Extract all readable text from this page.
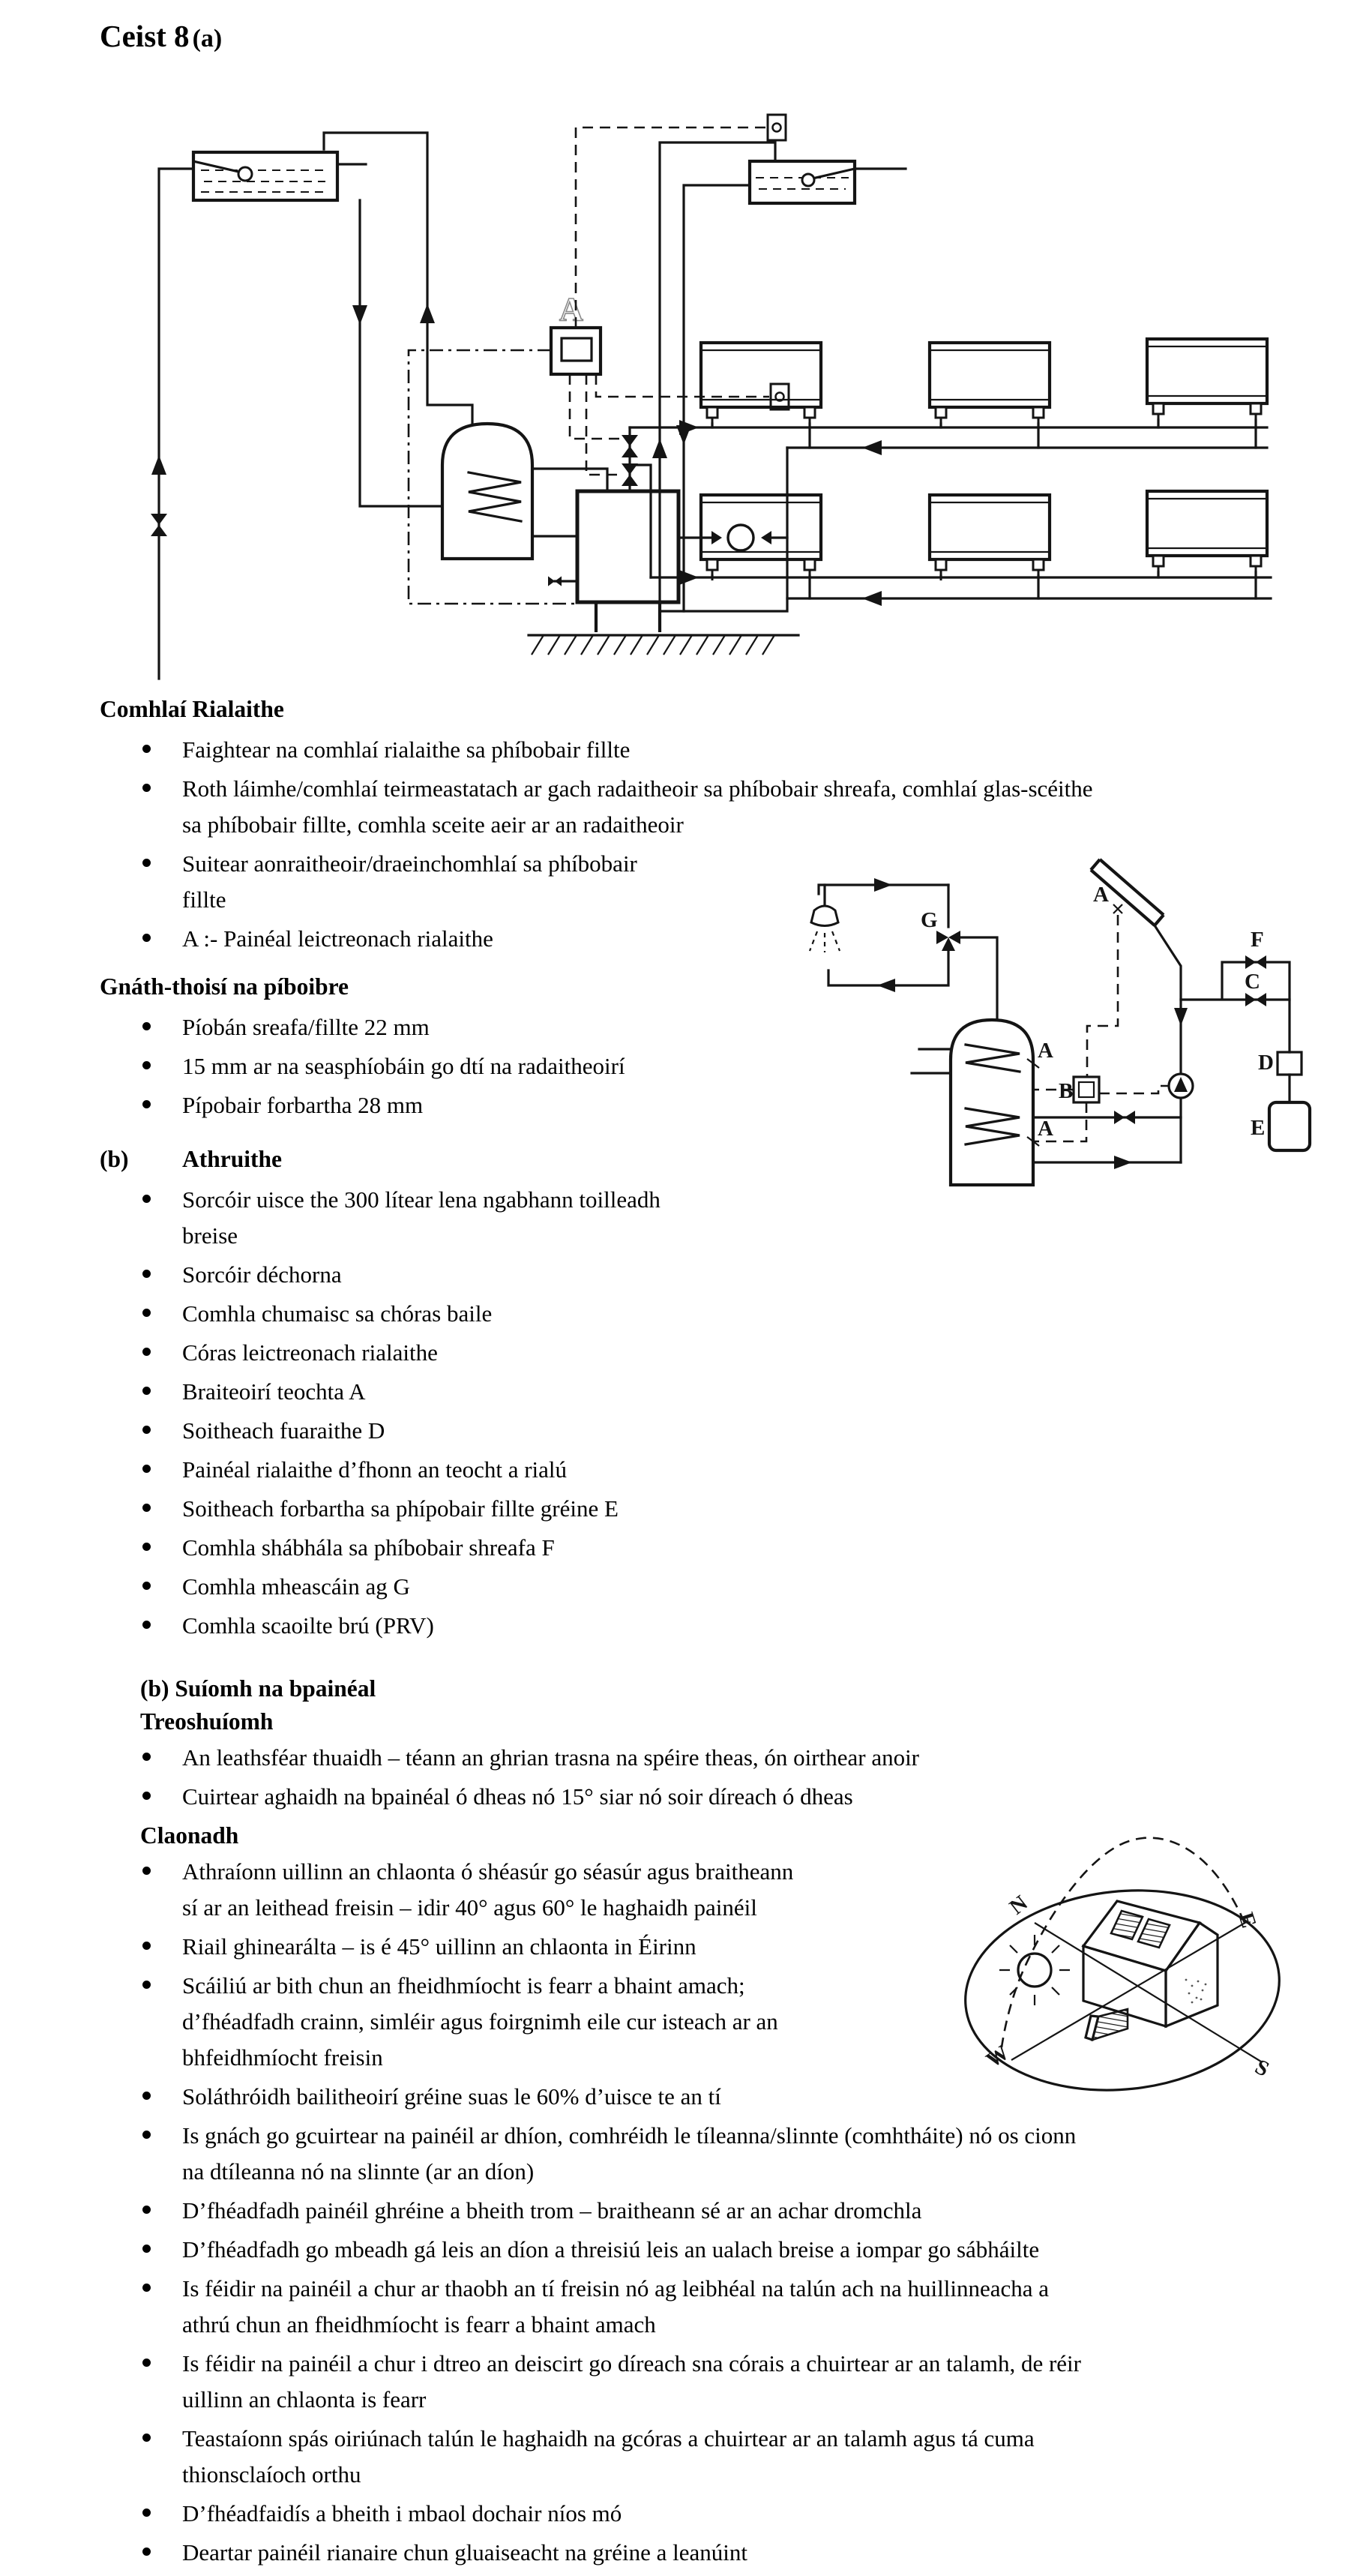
Ceist 8 (a)
A
Comhlaí Rialaithe
Faightear na comhlaí rialaithe sa phíbobair fillte
Roth láimhe/comhlaí teirmeastatach ar gach radaitheoir sa phíbobair shreafa, comhlaí glas-scéithe
sa phíbobair fillte, comhla sceite aeir ar an radaitheoir
Suitear aonraitheoir/draeinchomhlaí sa phíbobair
fillte
A :- Painéal leictreonach rialaithe
Gnáth-thoisí na píboibre
Píobán sreafa/fillte 22 mm
15 mm ar na seasphíobáin go dtí na radaitheoirí
Pípobair forbartha 28 mm
(b) Athruithe
Sorcóir uisce the 300 lítear lena ngabhann toilleadh
breise
Sorcóir déchorna
Comhla chumaisc sa chóras baile
Córas leictreonach rialaithe
Braiteoirí teochta A
Soitheach fuaraithe D
Painéal rialaithe d’fhonn an teocht a rialú
Soitheach forbartha sa phípobair fillte gréine E
Comhla shábhála sa phíbobair shreafa F
Comhla mheascáin ag G
Comhla scaoilte brú (PRV)
G
A
F
C
D
E
B
A
A
(b) Suíomh na bpainéal
Treoshuíomh
An leathsféar thuaidh – téann an ghrian trasna na spéire theas, ón oirthear anoir
Cuirtear aghaidh na bpainéal ó dheas nó 15° siar nó soir díreach ó dheas
Claonadh
Athraíonn uillinn an chlaonta ó shéasúr go séasúr agus braitheann
sí ar an leithead freisin – idir 40° agus 60° le haghaidh painéil
Riail ghinearálta – is é 45° uillinn an chlaonta in Éirinn
Scáiliú ar bith chun an fheidhmíocht is fearr a bhaint amach;
d’fhéadfadh crainn, simléir agus foirgnimh eile cur isteach ar an
bhfeidhmíocht freisin
Soláthróidh bailitheoirí gréine suas le 60% d’uisce te an tí
Is gnách go gcuirtear na painéil ar dhíon, comhréidh le tíleanna/slinnte (comhtháite) nó os cionn
na dtíleanna nó na slinnte (ar an díon)
D’fhéadfadh painéil ghréine a bheith trom – braitheann sé ar an achar dromchla
D’fhéadfadh go mbeadh gá leis an díon a threisiú leis an ualach breise a iompar go sábháilte
Is féidir na painéil a chur ar thaobh an tí freisin nó ag leibhéal na talún ach na huillinneacha a
athrú chun an fheidhmíocht is fearr a bhaint amach
Is féidir na painéil a chur i dtreo an deiscirt go díreach sna córais a chuirtear ar an talamh, de réir
uillinn an chlaonta is fearr
Teastaíonn spás oiriúnach talún le haghaidh na gcóras a chuirtear ar an talamh agus tá cuma
thionsclaíoch orthu
D’fhéadfaidís a bheith i mbaol dochair níos mó
Deartar painéil rianaire chun gluaiseacht na gréine a leanúint
N
E
W	S
